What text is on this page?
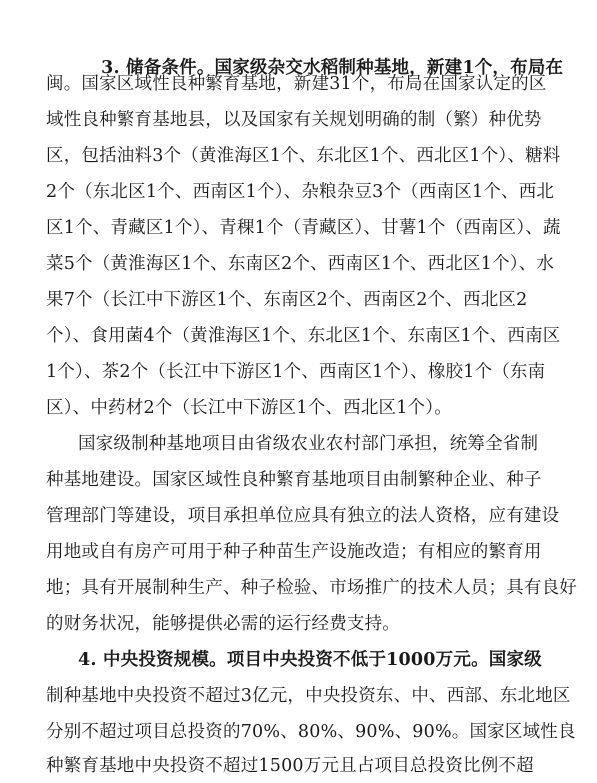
3. 储备条件。国家级杂交水稻制种基地，新建1个，布局在

闽。国家区域性良种繁育基地，新建31个，布局在国家认定的区
域性良种繁育基地县，以及国家有关规划明确的制（繁）种优势
区，包括油料3个（黄淮海区1个、东北区1个、西北区1个）、糖料
2个（东北区1个、西南区1个）、杂粮杂豆3个（西南区1个、西北
区1个、青藏区1个）、青稞1个（青藏区）、甘薯1个（西南区）、蔬
菜5个（黄淮海区1个、东南区2个、西南区1个、西北区1个）、水
果7个（长江中下游区1个、东南区2个、西南区2个、西北区2
个）、食用菌4个（黄淮海区1个、东北区1个、东南区1个、西南区
1个）、茶2个（长江中下游区1个、西南区1个）、橡胶1个（东南
区）、中药材2个（长江中下游区1个、西北区1个）。
国家级制种基地项目由省级农业农村部门承担，统筹全省制
种基地建设。国家区域性良种繁育基地项目由制繁种企业、种子
管理部门等建设，项目承担单位应具有独立的法人资格，应有建设
用地或自有房产可用于种子种苗生产设施改造；有相应的繁育用
地；具有开展制种生产、种子检验、市场推广的技术人员；具有良好
的财务状况，能够提供必需的运行经费支持。
4. 中央投资规模。项目中央投资不低于1000万元。国家级
制种基地中央投资不超过3亿元，中央投资东、中、西部、东北地区
分别不超过项目总投资的70%、80%、90%、90%。国家区域性良
种繁育基地中央投资不超过1500万元且占项目总投资比例不超
